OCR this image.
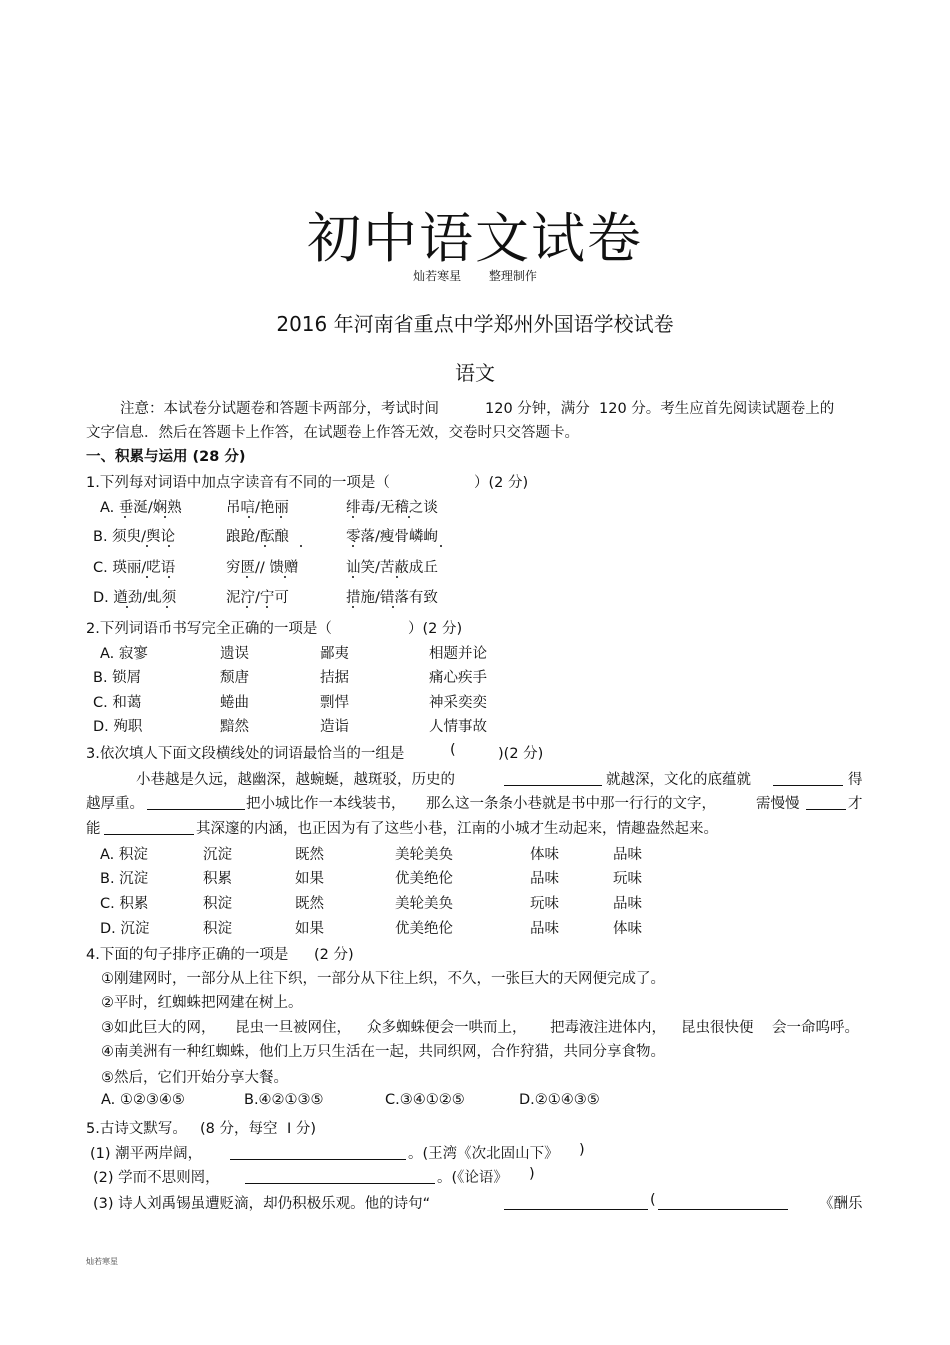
初中语文试卷
灿若寒星 整理制作
2016 年河南省重点中学郑州外国语学校试卷
语文
注意：本试卷分试题卷和答题卡两部分，考试时间	120 分钟，满分 120 分。考生应首先阅读试题卷上的
文字信息．然后在答题卡上作答，在试题卷上作答无效，交卷时只交答题卡。
一、积累与运用 (28 分)
1.下列每对词语中加点字读音有不同的一项是（	）(2 分)
A. 垂涎/娴熟	吊唁/艳丽	绯毒/无稽之谈
B. 须臾/舆论	踉跄/酝酿	零落/瘦骨嶙峋
C. 瑛丽/呓语	穷匮// 馈赠	讪笑/苦蔽成丘
D. 遒劲/虬须	泥泞/宁可	措施/错落有致
2.下列词语币书写完全正确的一项是（	）(2 分)
A. 寂寥	遗误	鄙夷	相题并论
B. 锁屑	颓唐	拮据	痛心疾手
C. 和蔼	蜷曲	剽悍	神采奕奕
D. 殉职	黯然	造诣	人情事故
3.依次填人下面文段横线处的词语最恰当的一组是	(	)(2 分)
小巷越是久远，越幽深，越蜿蜒，越斑驳，历史的	就越深，文化的底蕴就	得
越厚重。	把小城比作一本线装书， 那么这一条条小巷就是书中那一行行的文字，	需慢慢	才
能	其深邃的内涵，也正因为有了这些小巷，江南的小城才生动起来，情趣盎然起来。
A. 积淀	沉淀	既然	美轮美奂	体味	品味
B. 沉淀	积累	如果	优美绝伦	品味	玩味
C. 积累	积淀	既然	美轮美奂	玩味	品味
D. 沉淀	积淀	如果	优美绝伦	品味	体味
4.下面的句子排序正确的一项是 (2 分)
①刚建网时，一部分从上往下织，一部分从下往上织，不久，一张巨大的天网便完成了。
②平时，红蜘蛛把网建在树上。
③如此巨大的网， 昆虫一旦被网住， 众多蜘蛛便会一哄而上， 把毒液注进体内， 昆虫很快便 会一命呜呼。
④南美洲有一种红蜘蛛，他们上万只生活在一起，共同织网，合作狩猎，共同分享食物。
⑤然后，它们开始分享大餐。
A. ①②③④⑤	B.④②①③⑤	C.③④①②⑤	D.②①④③⑤
5.古诗文默写。 (8 分，每空 I 分)
(1) 潮平两岸阔，	。(王湾《次北固山下》 )
(2) 学而不思则罔，	。(《论语》 )
(3) 诗人刘禹锡虽遭贬滴，却仍积极乐观。他的诗句“	(	《酬乐
灿若寒星
